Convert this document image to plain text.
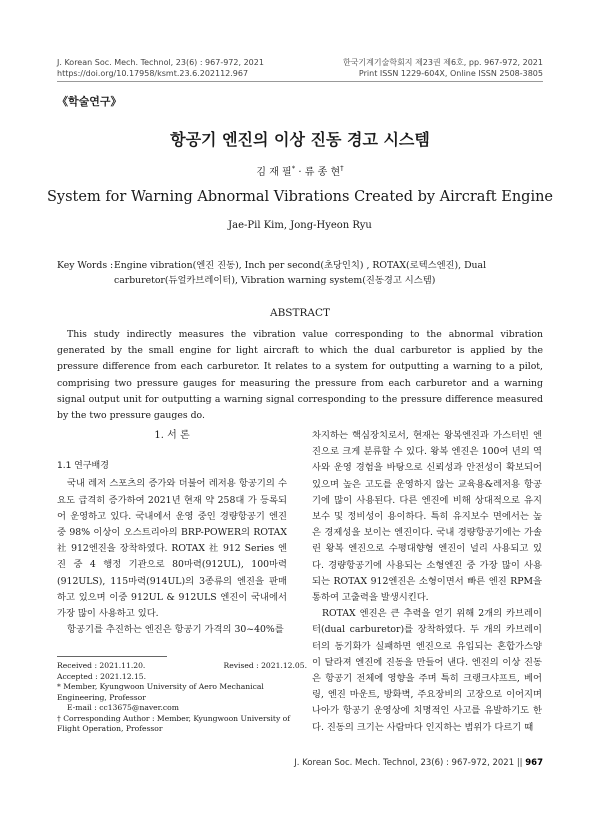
J. Korean Soc. Mech. Technol, 23(6) : 967-972, 2021
https://doi.org/10.17958/ksmt.23.6.202112.967
한국기계기술학회지 제23권 제6호, pp. 967-972, 2021
Print ISSN 1229-604X, Online ISSN 2508-3805
《학술연구》
항공기 엔진의 이상 진동 경고 시스템
김 재 필* · 류 종 현†
System for Warning Abnormal Vibrations Created by Aircraft Engine
Jae-Pil Kim, Jong-Hyeon Ryu
Key Words :Engine vibration(엔진 진동), Inch per second(초당인치) , ROTAX(로텍스엔진), Dual carburetor(듀얼카브레이터), Vibration warning system(진동경고 시스템)
ABSTRACT
This study indirectly measures the vibration value corresponding to the abnormal vibration generated by the small engine for light aircraft to which the dual carburetor is applied by the pressure difference from each carburetor. It relates to a system for outputting a warning to a pilot, comprising two pressure gauges for measuring the pressure from each carburetor and a warning signal output unit for outputting a warning signal corresponding to the pressure difference measured by the two pressure gauges do.
1. 서 론
1.1 연구배경

국내 레저 스포츠의 증가와 더불어 레저용 항공기의 수요도 급격히 증가하여 2021년 현재 약 258대 가 등록되어 운영하고 있다. 국내에서 운영 중인 경량항공기 엔진 중 98% 이상이 오스트리아의 BRP-POWER의 ROTAX 社 912엔진을 장착하였다. ROTAX 社 912 Series 엔진 중 4 행정 기관으로 80마력(912UL), 100마력(912ULS), 115마력(914UL)의 3종류의 엔진을 판매하고 있으며 이중 912UL & 912ULS 엔진이 국내에서 가장 많이 사용하고 있다.

항공기를 추진하는 엔진은 항공기 가격의 30~40%를

차지하는 핵심장치로서, 현재는 왕복엔진과 가스터빈 엔진으로 크게 분류할 수 있다. 왕복 엔진은 100여 년의 역사와 운영 경험을 바탕으로 신뢰성과 안전성이 확보되어 있으며 높은 고도를 운영하지 않는 교육용&레저용 항공기에 많이 사용된다. 다른 엔진에 비해 상대적으로 유지보수 및 정비성이 용이하다. 특히 유지보수 면에서는 높은 경제성을 보이는 엔진이다. 국내 경량항공기에는 가솔린 왕복 엔진으로 수평대향형 엔진이 널리 사용되고 있다. 경량항공기에 사용되는 소형엔진 중 가장 많이 사용되는 ROTAX 912엔진은 소형이면서 빠른 엔진 RPM을 통하여 고출력을 발생시킨다.

ROTAX 엔진은 큰 추력을 얻기 위해 2개의 카브레이터(dual carburetor)를 장착하였다. 두 개의 카브레이터의 동기화가 실패하면 엔진으로 유입되는 혼합가스양이 달라져 엔진에 진동을 만들어 낸다. 엔진의 이상 진동은 항공기 전체에 영향을 주며 특히 크랭크샤프트, 베어링, 엔진 마운트, 방화벽, 주요장비의 고장으로 이어지며 나아가 항공기 운영상에 치명적인 사고를 유발하기도 한다. 진동의 크기는 사람마다 인지하는 범위가 다르기 때

Received : 2021.11.20.	Revised : 2021.12.05.
Accepted : 2021.12.15.
* Member, Kyungwoon University of Aero Mechanical Engineering, Professor
E-mail : cc13675@naver.com
† Corresponding Author : Member, Kyungwoon University of Flight Operation, Professor
J. Korean Soc. Mech. Technol, 23(6) : 967-972, 2021 || 967
